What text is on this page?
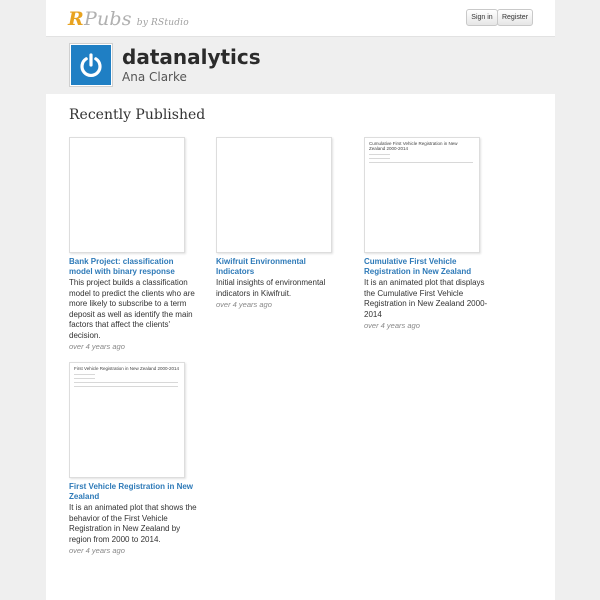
RPubs by RStudio
Sign in	Register
datanalytics
Ana Clarke
Recently Published
Bank Project: classification model with binary response
This project builds a classification model to predict the clients who are more likely to subscribe to a term deposit as well as identify the main factors that affect the clients' decision.
over 4 years ago
Kiwifruit Environmental Indicators
Initial insights of environmental indicators in Kiwifruit.
over 4 years ago
Cumulative First Vehicle Registration in New Zealand 2000-2014
Cumulative First Vehicle Registration in New Zealand
It is an animated plot that displays the Cumulative First Vehicle Registration in New Zealand 2000-2014
over 4 years ago
First Vehicle Registration in New Zealand 2000-2014
First Vehicle Registration in New Zealand
It is an animated plot that shows the behavior of the First Vehicle Registration in New Zealand by region from 2000 to 2014.
over 4 years ago
